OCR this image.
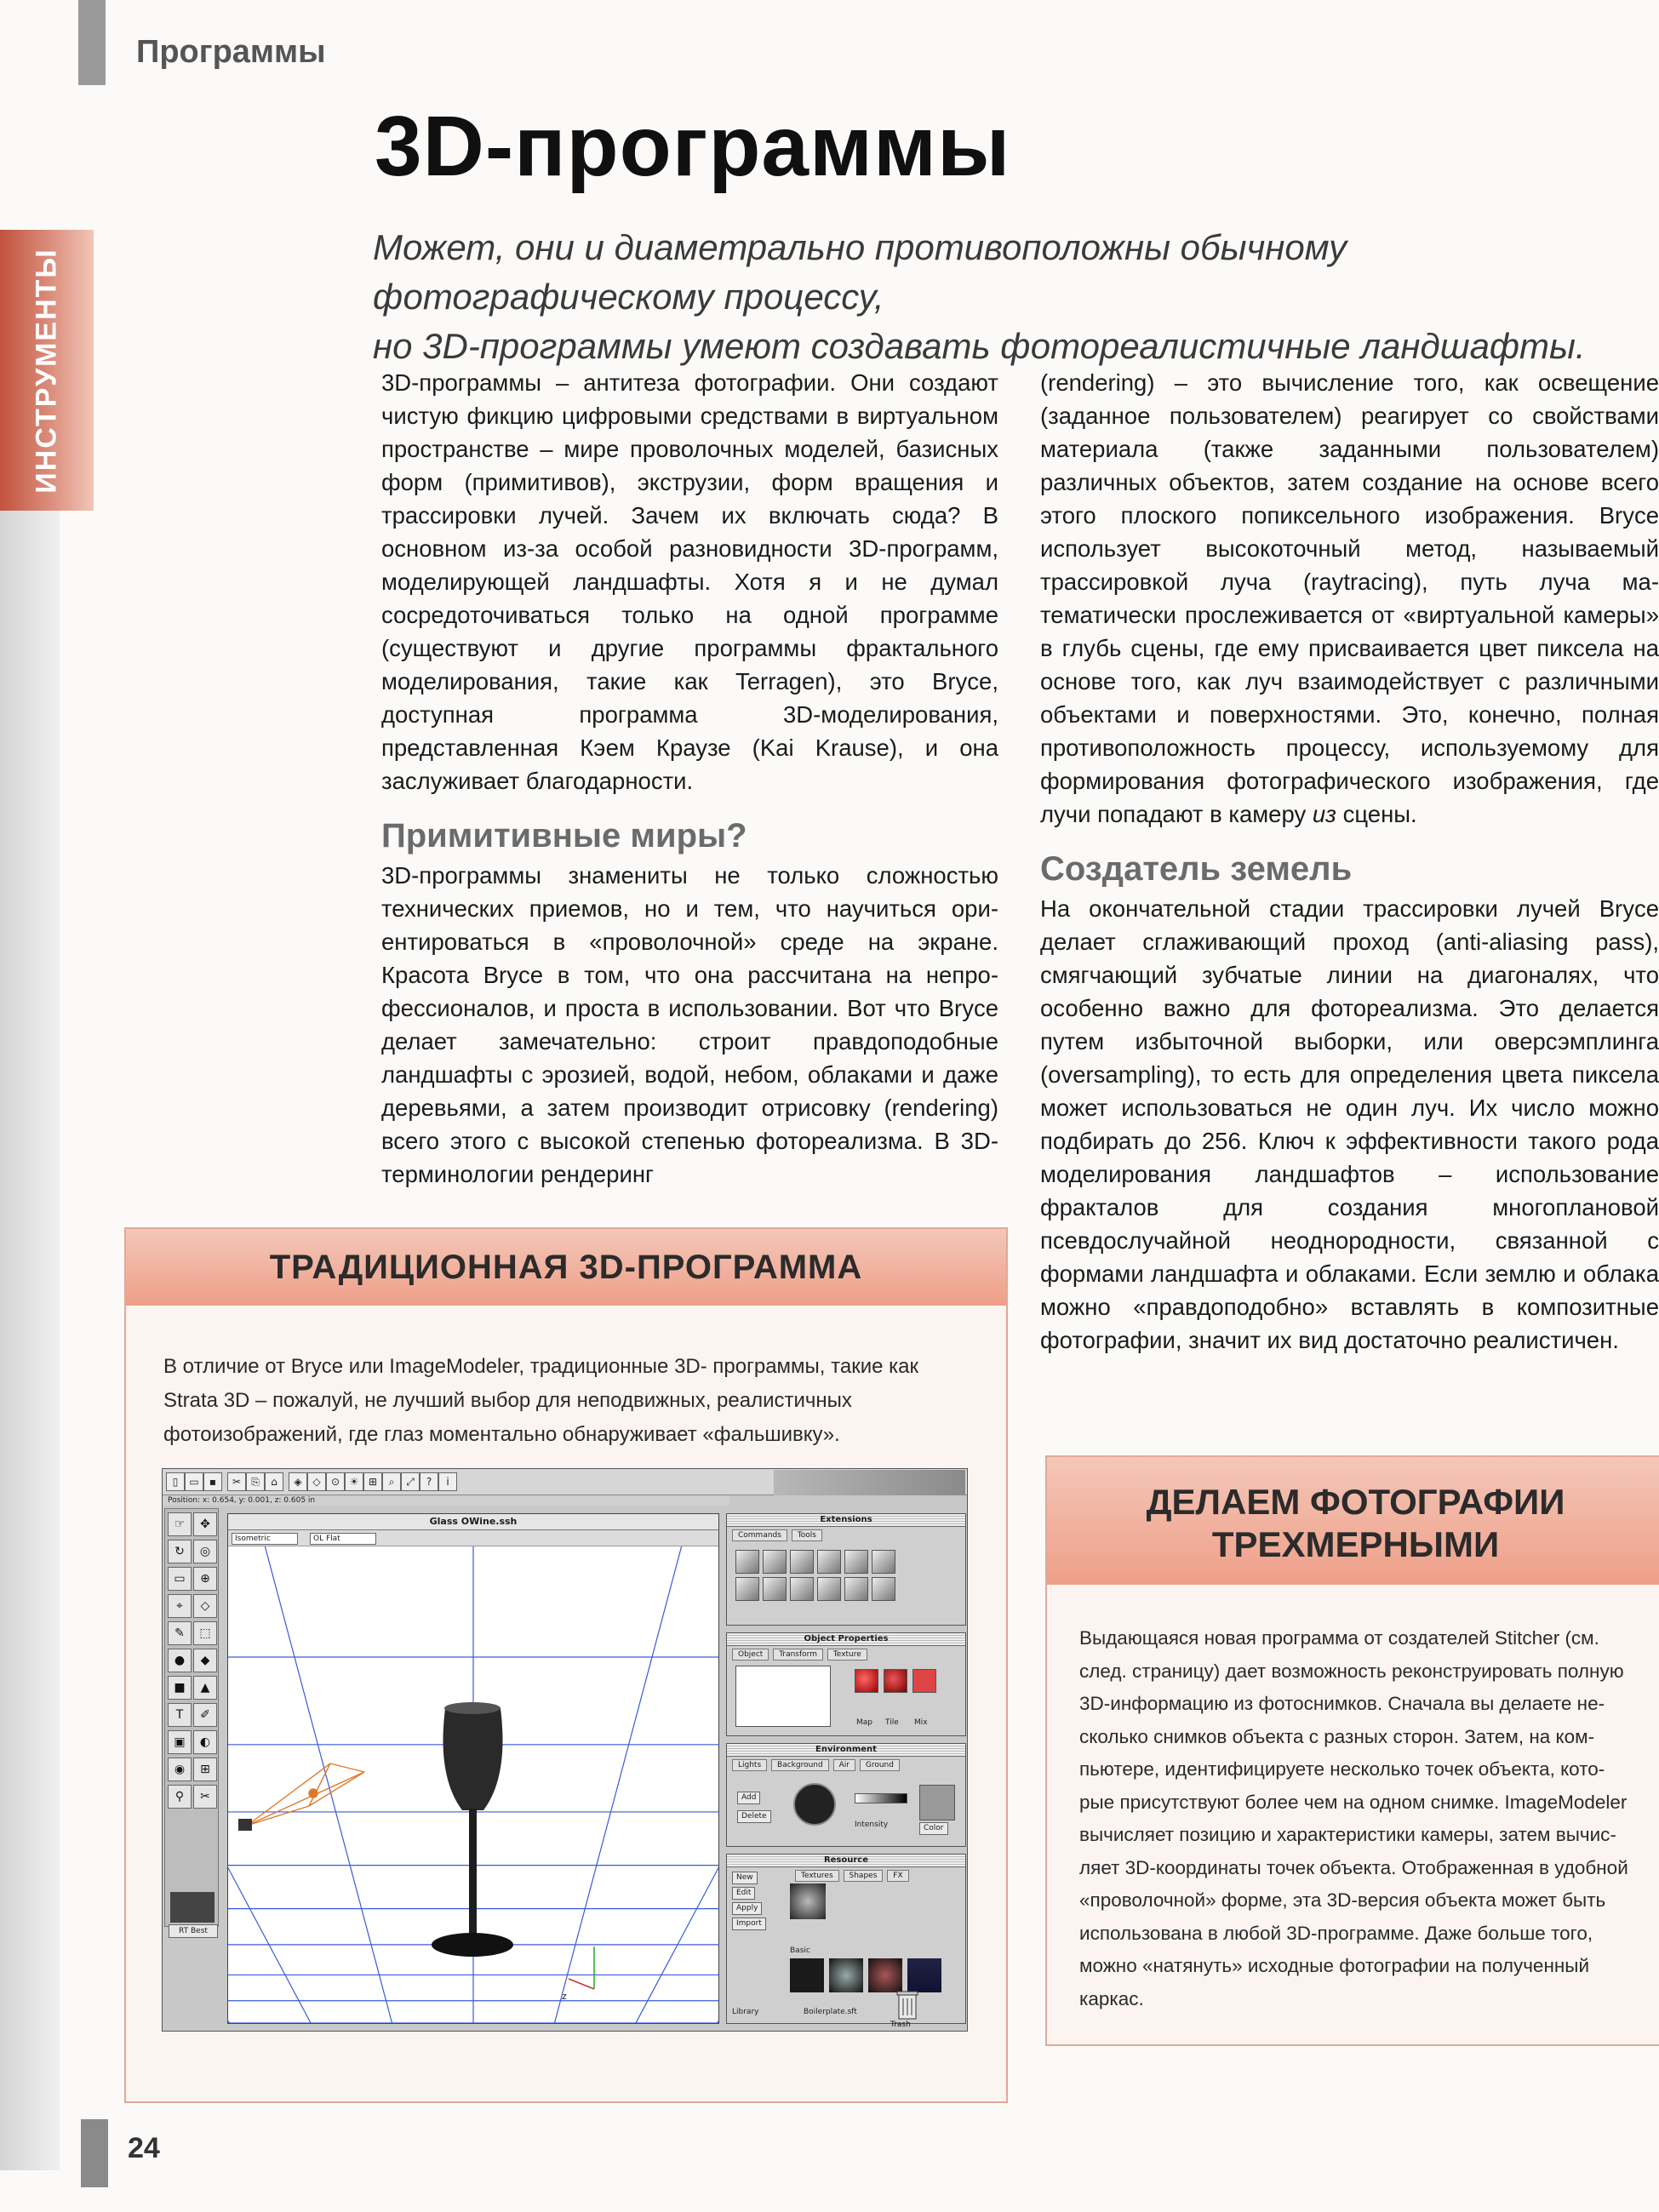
ИНСТРУМЕНТЫ
24
Программы
3D-программы
Может, они и диаметрально противоположны обычному фотографическому процессу,
но 3D-программы умеют создавать фотореалистичные ландшафты.

3D-программы – антитеза фотографии. Они создают чистую фикцию цифровыми средствами в виртуальном пространстве – мире проволочных моделей, базисных форм (примитивов), экструзии, форм вращения и трассировки лучей. Зачем их включать сюда? В основном из-за особой разновидности 3D-программ, моделирующей ландшафты. Хотя я и не думал сосредоточиваться только на одной программе (существуют и другие программы фрактального моделирования, такие как Terragen), это Bryce, доступная программа 3D-моделирования, представленная Кэем Краузе (Kai Krause), и она заслуживает благодарности.

Примитивные миры?

3D-программы знамениты не только сложностью технических приемов, но и тем, что научиться ориентироваться в «проволочной» среде на экране. Красота Bryce в том, что она рассчитана на непрофессионалов, и проста в использовании. Вот что Bryce делает замечательно: строит правдоподобные ландшафты с эрозией, водой, небом, облаками и даже деревьями, а затем производит отрисовку (rendering) всего этого с высокой степенью фотореализма. В 3D-терминологии рендеринг

(rendering) – это вычисление того, как освещение (заданное пользователем) реагирует со свойствами материала (также заданными пользователем) различных объектов, затем создание на основе всего этого плоского попиксельного изображения. Bryce использует высокоточный метод, называемый трассировкой луча (raytracing), путь луча математически прослеживается от «виртуальной камеры» в глубь сцены, где ему присваивается цвет пиксела на основе того, как луч взаимодействует с различными объектами и поверхностями. Это, конечно, полная противоположность процессу, используемому для формирования фотографического изображения, где лучи попадают в камеру из сцены.

Создатель земель

На окончательной стадии трассировки лучей Bryce делает сглаживающий проход (anti-aliasing pass), смягчающий зубчатые линии на диагоналях, что особенно важно для фотореализма. Это делается путем избыточной выборки, или оверсэмплинга (oversampling), то есть для определения цвета пиксела может использоваться не один луч. Их число можно подбирать до 256. Ключ к эффективности такого рода моделирования ландшафтов – использование фракталов для создания многоплановой псевдослучайной неоднородности, связанной с формами ландшафта и облаками. Если землю и облака можно «правдоподобно» вставлять в композитные фотографии, значит их вид достаточно реалистичен.

ТРАДИЦИОННАЯ 3D-ПРОГРАММА

В отличие от Bryce или ImageModeler, традиционные 3D- программы, такие как Strata 3D – пожалуй, не лучший выбор для неподвижных, реалистичных фотоизображений, где глаз моментально обнаруживает «фальшивку».

▯	▭	▪	✂	⎘	⌂	◈	◇	⊙ ☀ ⊞	⌕	⤢	?	i
Position: x: 0.654, y: 0.001, z: 0.605 in
RT Best
☞	✥
↻	◎
▭	⊕
⌖	◇
✎	⬚
●	◆
■	▲
T	✐
▣	◐
◉	⊞
⚲	✂
Glass OWine.ssh
Isometric	OL Flat
z
Extensions
Commands Tools
Object Properties
Object Transform Texture
Map Tile Mix
Environment
Lights Background Air Ground
Add
Delete
Intensity	Color
Resource
Textures Shapes FX
New
Edit
Apply
Import
Basic
Library	Boilerplate.sft
Trash
ДЕЛАЕМ ФОТОГРАФИИ
ТРЕХМЕРНЫМИ

Выдающаяся новая программа от создателей Stitcher (см. след. страницу) дает возможность реконструировать полную 3D-информацию из фотоснимков. Сначала вы делаете несколько снимков объекта с разных сторон. Затем, на компьютере, идентифицируете несколько точек объекта, которые присутствуют более чем на одном снимке. ImageModeler вычисляет позицию и характеристики камеры, затем вычисляет 3D-координаты точек объекта. Отображенная в удобной «проволочной» форме, эта 3D-версия объекта может быть использована в любой 3D-программе. Даже больше того, можно «натянуть» исходные фотографии на полученный каркас.
